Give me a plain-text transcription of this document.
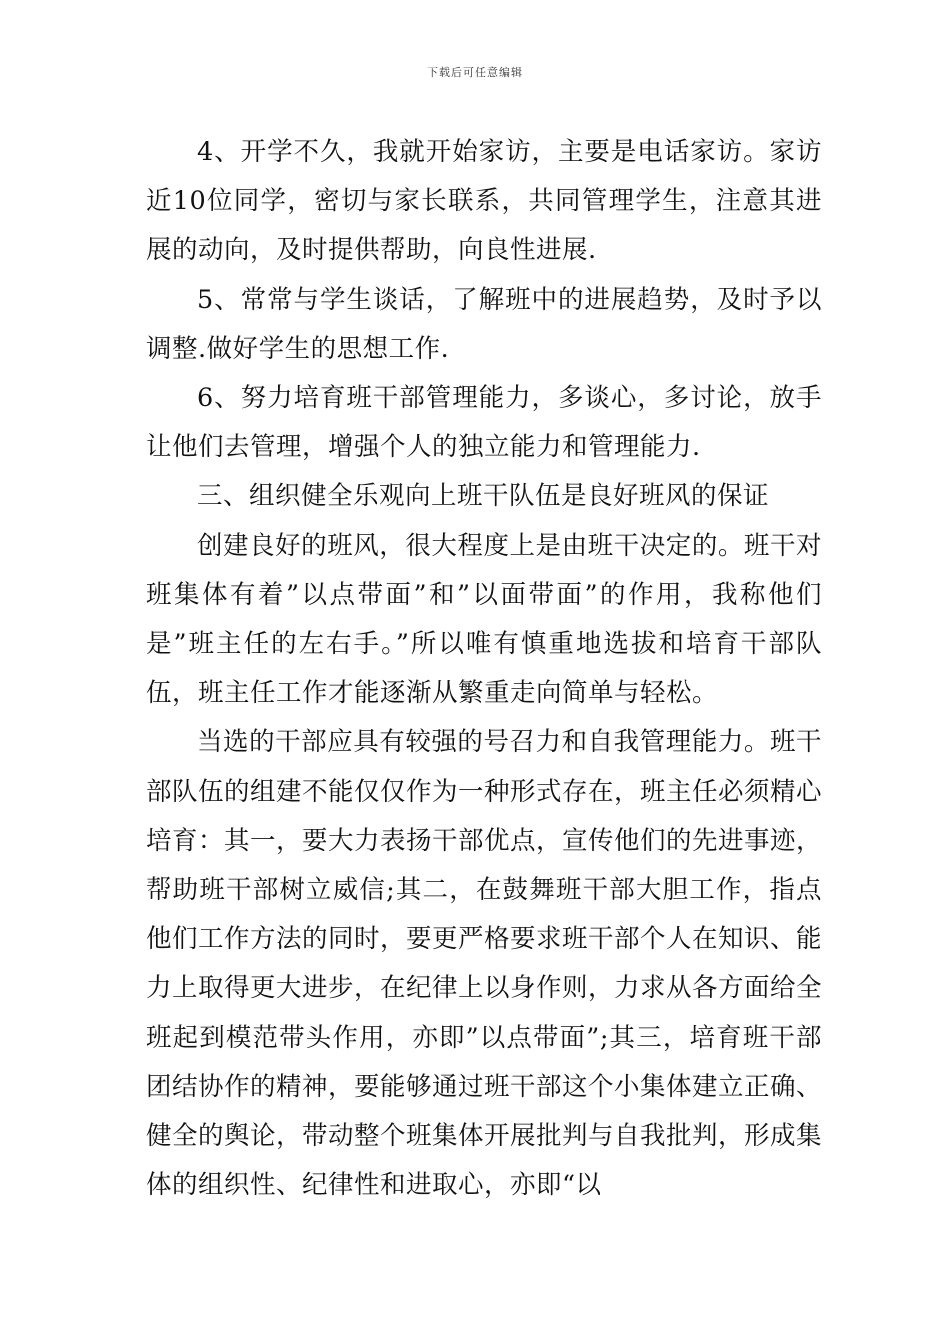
下载后可任意编辑

4、开学不久，我就开始家访，主要是电话家访。家访近10位同学，密切与家长联系，共同管理学生，注意其进展的动向，及时提供帮助，向良性进展.

5、常常与学生谈话，了解班中的进展趋势，及时予以调整.做好学生的思想工作.

6、努力培育班干部管理能力，多谈心，多讨论，放手让他们去管理，增强个人的独立能力和管理能力.

三、组织健全乐观向上班干队伍是良好班风的保证

创建良好的班风，很大程度上是由班干决定的。班干对班集体有着”以点带面”和”以面带面”的作用，我称他们是”班主任的左右手。”所以唯有慎重地选拔和培育干部队伍，班主任工作才能逐渐从繁重走向简单与轻松。

当选的干部应具有较强的号召力和自我管理能力。班干部队伍的组建不能仅仅作为一种形式存在，班主任必须精心培育：其一，要大力表扬干部优点，宣传他们的先进事迹，帮助班干部树立威信;其二，在鼓舞班干部大胆工作，指点他们工作方法的同时，要更严格要求班干部个人在知识、能力上取得更大进步，在纪律上以身作则，力求从各方面给全班起到模范带头作用，亦即”以点带面”;其三，培育班干部团结协作的精神，要能够通过班干部这个小集体建立正确、健全的舆论，带动整个班集体开展批判与自我批判，形成集体的组织性、纪律性和进取心，亦即“以
